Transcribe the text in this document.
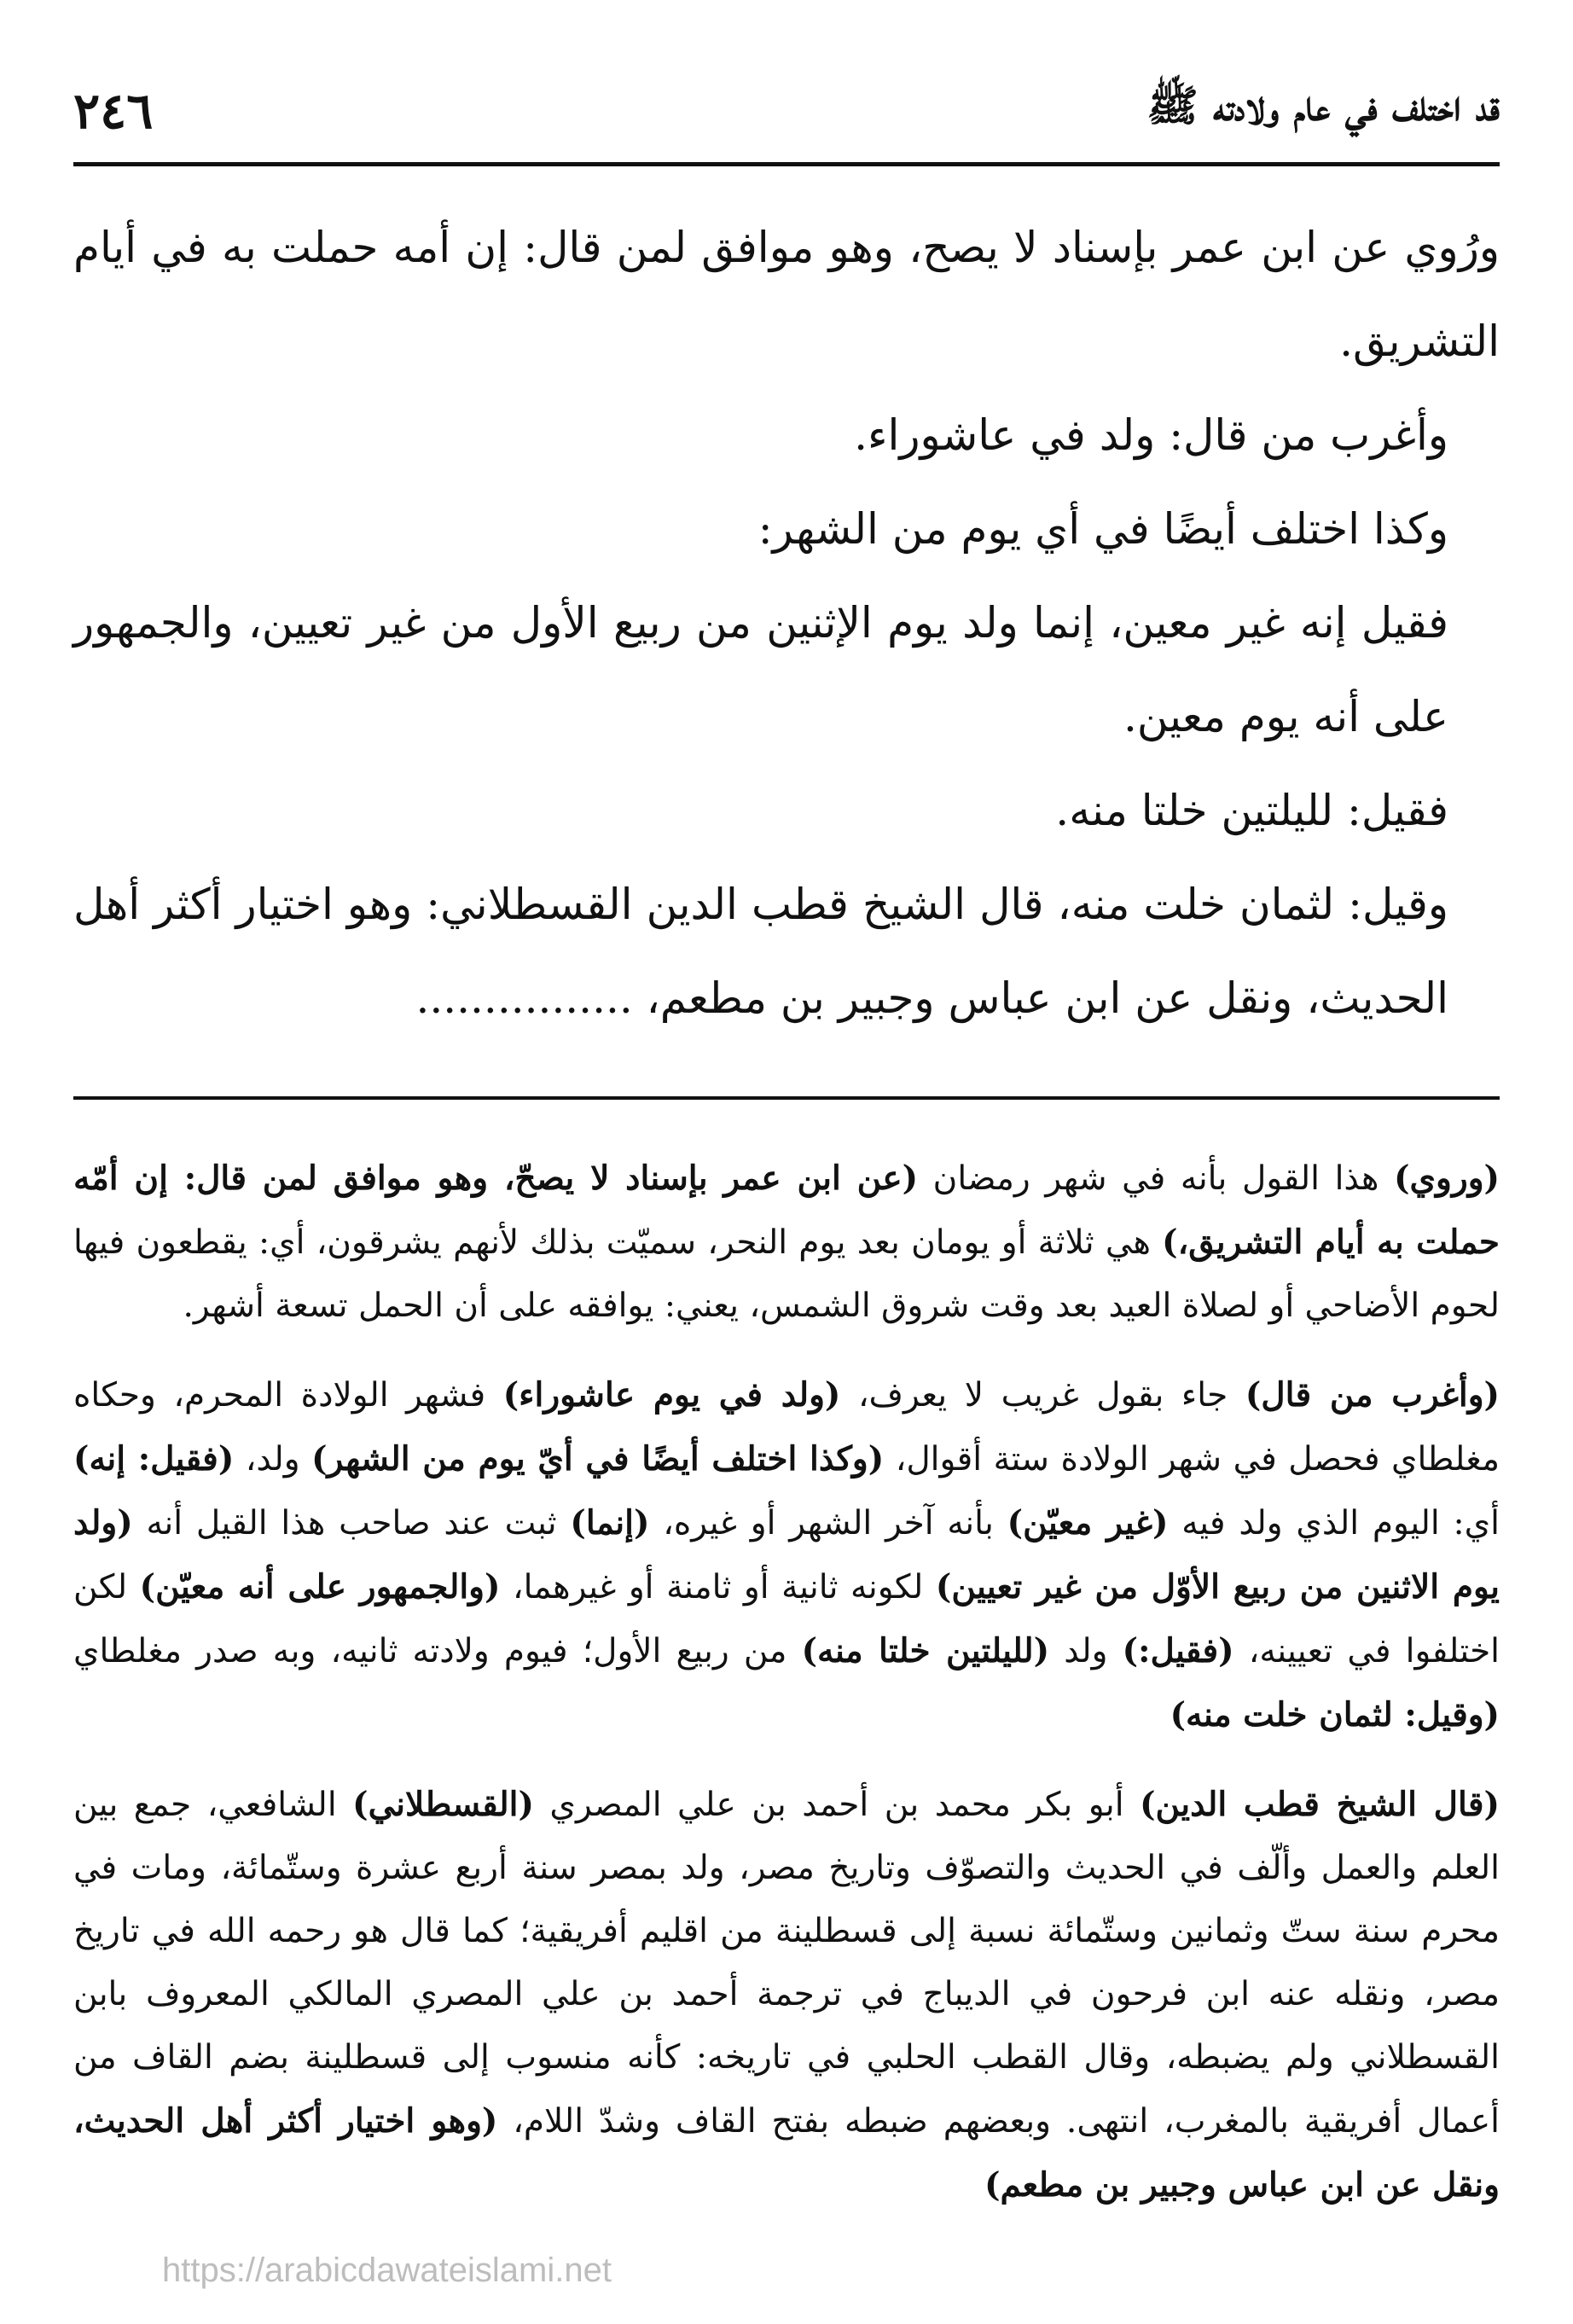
قد اختلف في عام ولادته ﷺ
٢٤٦

ورُوي عن ابن عمر بإسناد لا يصح، وهو موافق لمن قال: إن أمه حملت به في أيام التشريق.

وأغرب من قال: ولد في عاشوراء.

وكذا اختلف أيضًا في أي يوم من الشهر:

فقيل إنه غير معين، إنما ولد يوم الإثنين من ربيع الأول من غير تعيين، والجمهور على أنه يوم معين.

فقيل: لليلتين خلتا منه.

وقيل: لثمان خلت منه، قال الشيخ قطب الدين القسطلاني: وهو اختيار أكثر أهل الحديث، ونقل عن ابن عباس وجبير بن مطعم، ................

(وروي) هذا القول بأنه في شهر رمضان (عن ابن عمر بإسناد لا يصحّ، وهو موافق لمن قال: إن أمّه حملت به أيام التشريق،) هي ثلاثة أو يومان بعد يوم النحر، سميّت بذلك لأنهم يشرقون، أي: يقطعون فيها لحوم الأضاحي أو لصلاة العيد بعد وقت شروق الشمس، يعني: يوافقه على أن الحمل تسعة أشهر.

(وأغرب من قال) جاء بقول غريب لا يعرف، (ولد في يوم عاشوراء) فشهر الولادة المحرم، وحكاه مغلطاي فحصل في شهر الولادة ستة أقوال، (وكذا اختلف أيضًا في أيّ يوم من الشهر) ولد، (فقيل: إنه) أي: اليوم الذي ولد فيه (غير معيّن) بأنه آخر الشهر أو غيره، (إنما) ثبت عند صاحب هذا القيل أنه (ولد يوم الاثنين من ربيع الأوّل من غير تعيين) لكونه ثانية أو ثامنة أو غيرهما، (والجمهور على أنه معيّن) لكن اختلفوا في تعيينه، (فقيل:) ولد (لليلتين خلتا منه) من ربيع الأول؛ فيوم ولادته ثانيه، وبه صدر مغلطاي (وقيل: لثمان خلت منه)

(قال الشيخ قطب الدين) أبو بكر محمد بن أحمد بن علي المصري (القسطلاني) الشافعي، جمع بين العلم والعمل وألّف في الحديث والتصوّف وتاريخ مصر، ولد بمصر سنة أربع عشرة وستّمائة، ومات في محرم سنة ستّ وثمانين وستّمائة نسبة إلى قسطلينة من اقليم أفريقية؛ كما قال هو رحمه الله في تاريخ مصر، ونقله عنه ابن فرحون في الديباج في ترجمة أحمد بن علي المصري المالكي المعروف بابن القسطلاني ولم يضبطه، وقال القطب الحلبي في تاريخه: كأنه منسوب إلى قسطلينة بضم القاف من أعمال أفريقية بالمغرب، انتهى. وبعضهم ضبطه بفتح القاف وشدّ اللام، (وهو اختيار أكثر أهل الحديث، ونقل عن ابن عباس وجبير بن مطعم)

https://arabicdawateislami.net
